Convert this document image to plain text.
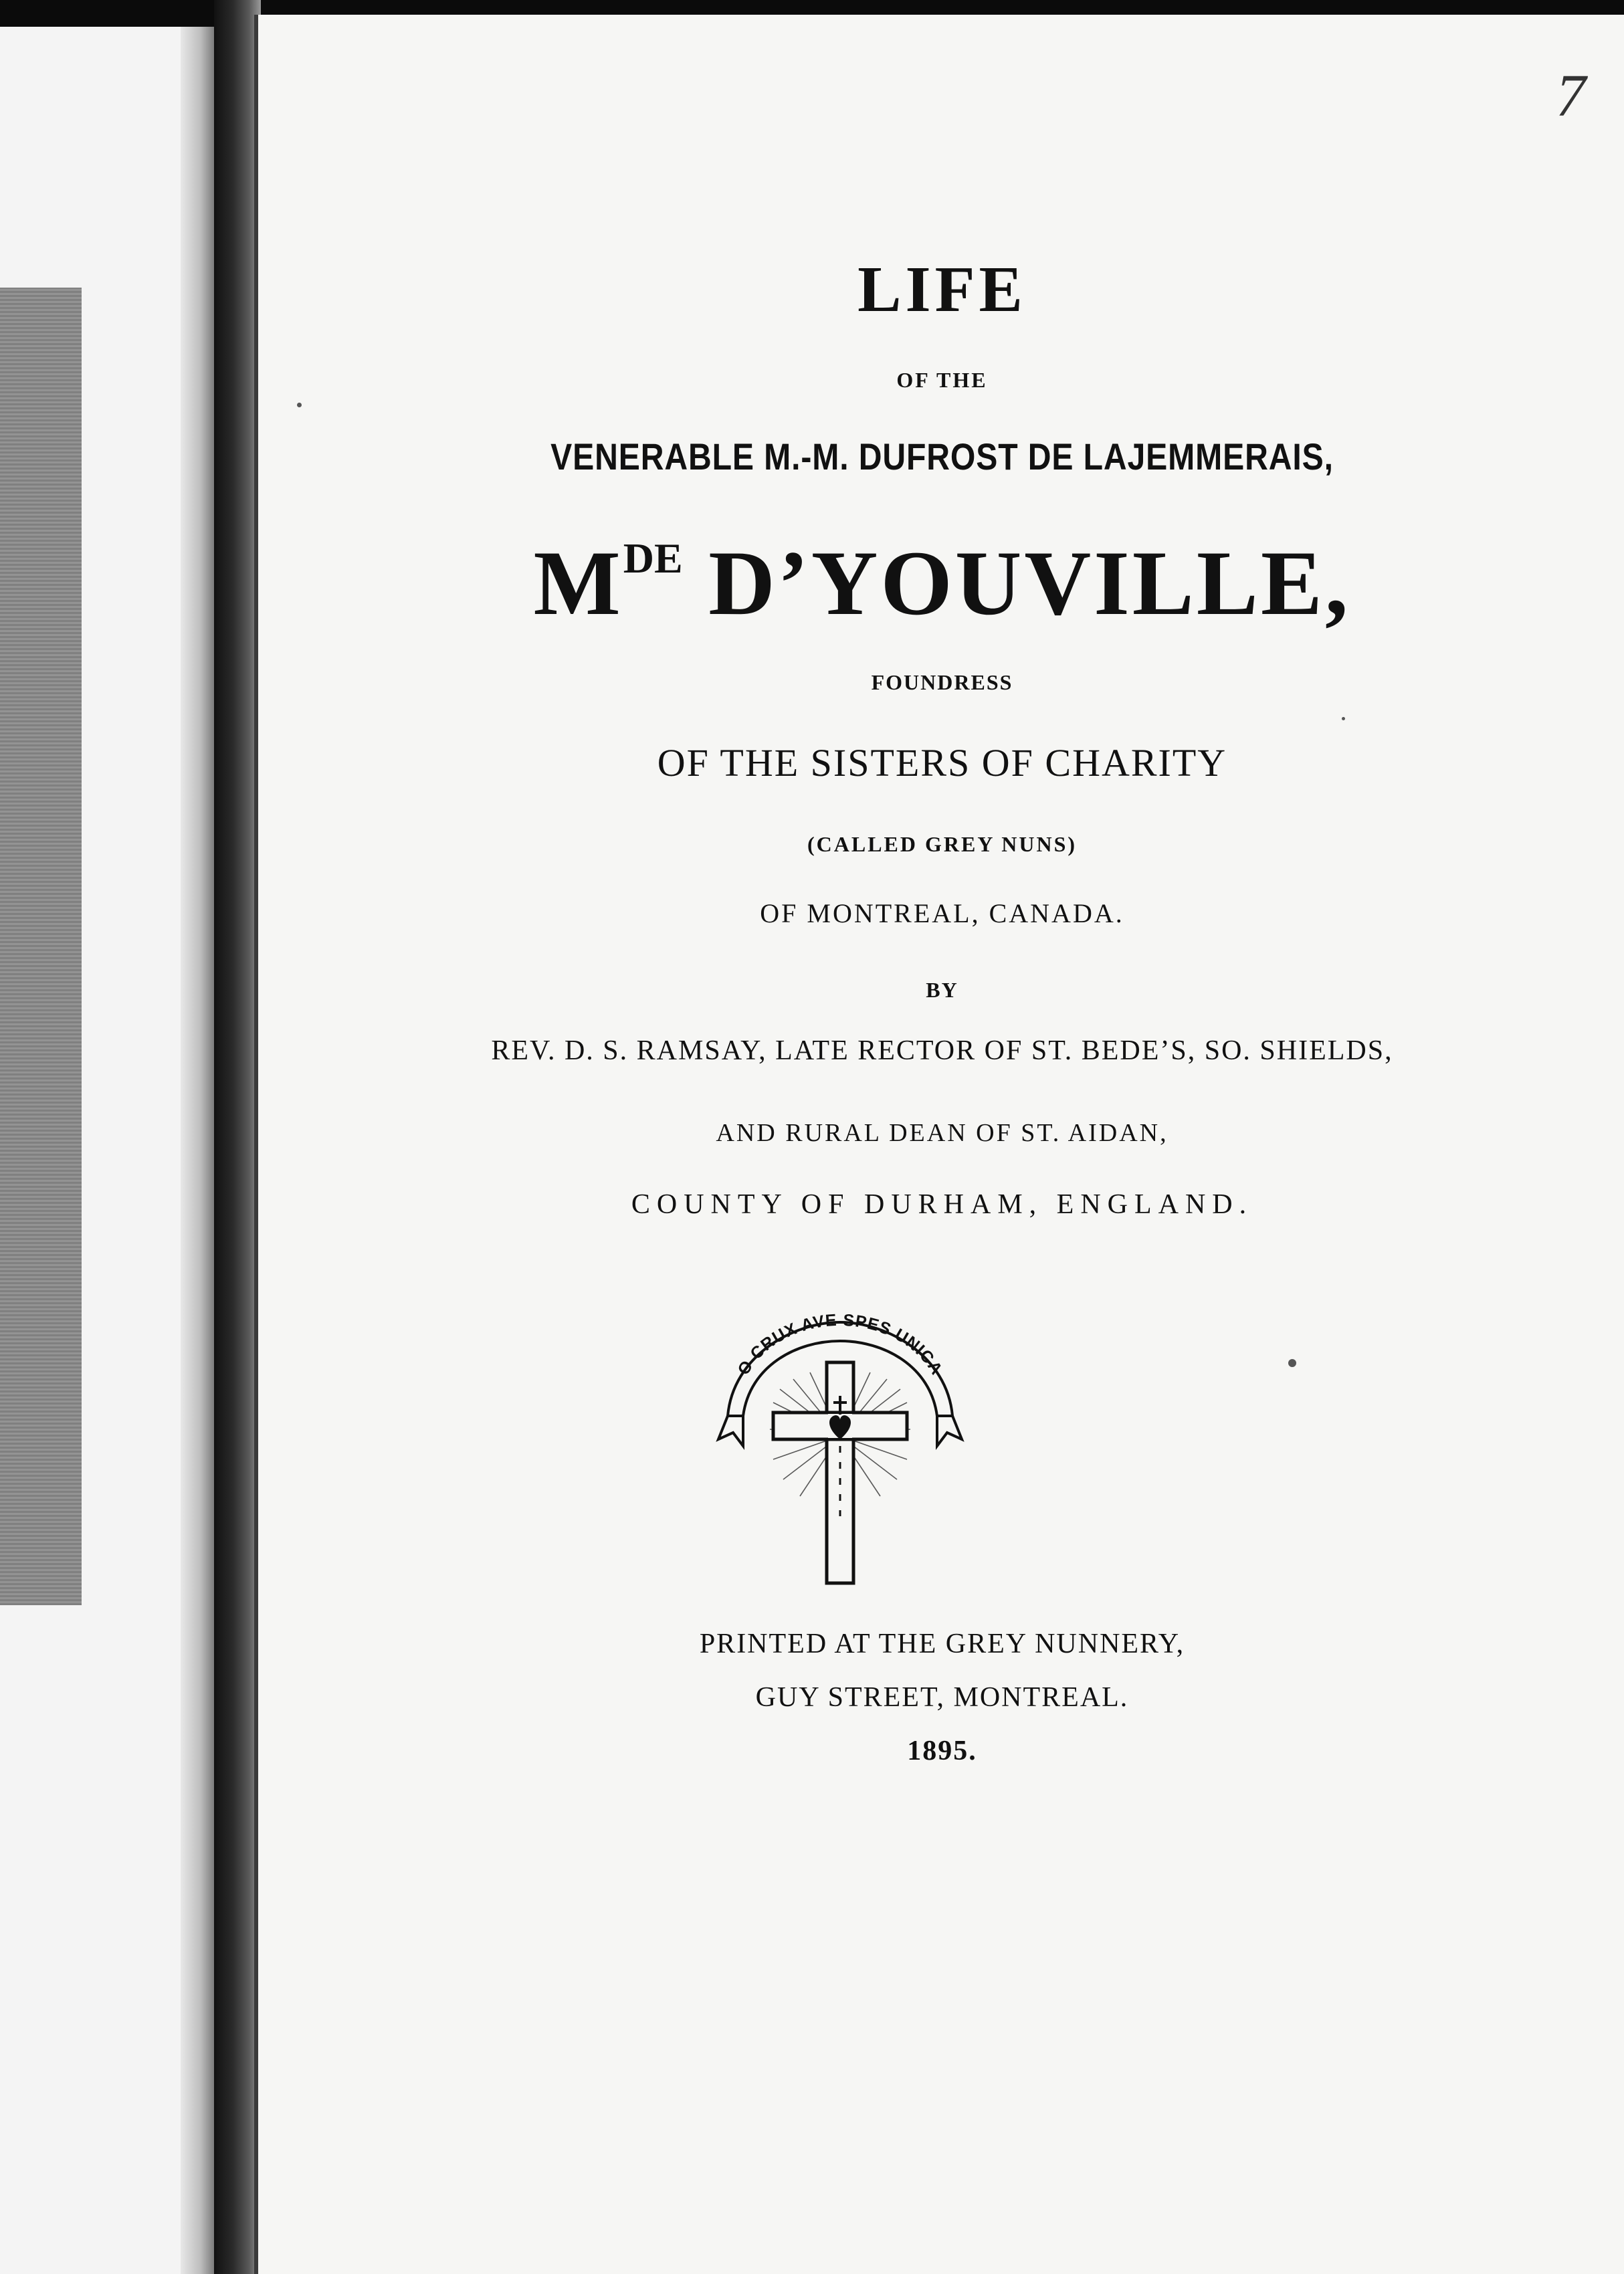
7
LIFE
OF THE
VENERABLE M.-M. DUFROST DE LAJEMMERAIS,
MDE D’YOUVILLE,
FOUNDRESS
OF THE SISTERS OF CHARITY
(CALLED GREY NUNS)
OF MONTREAL, CANADA.
BY
REV. D. S. RAMSAY, LATE RECTOR OF ST. BEDE’S, SO. SHIELDS,
AND RURAL DEAN OF ST. AIDAN,
COUNTY OF DURHAM, ENGLAND.
O CRUX AVE SPES UNICA
PRINTED AT THE GREY NUNNERY,
GUY STREET, MONTREAL.
1895.
